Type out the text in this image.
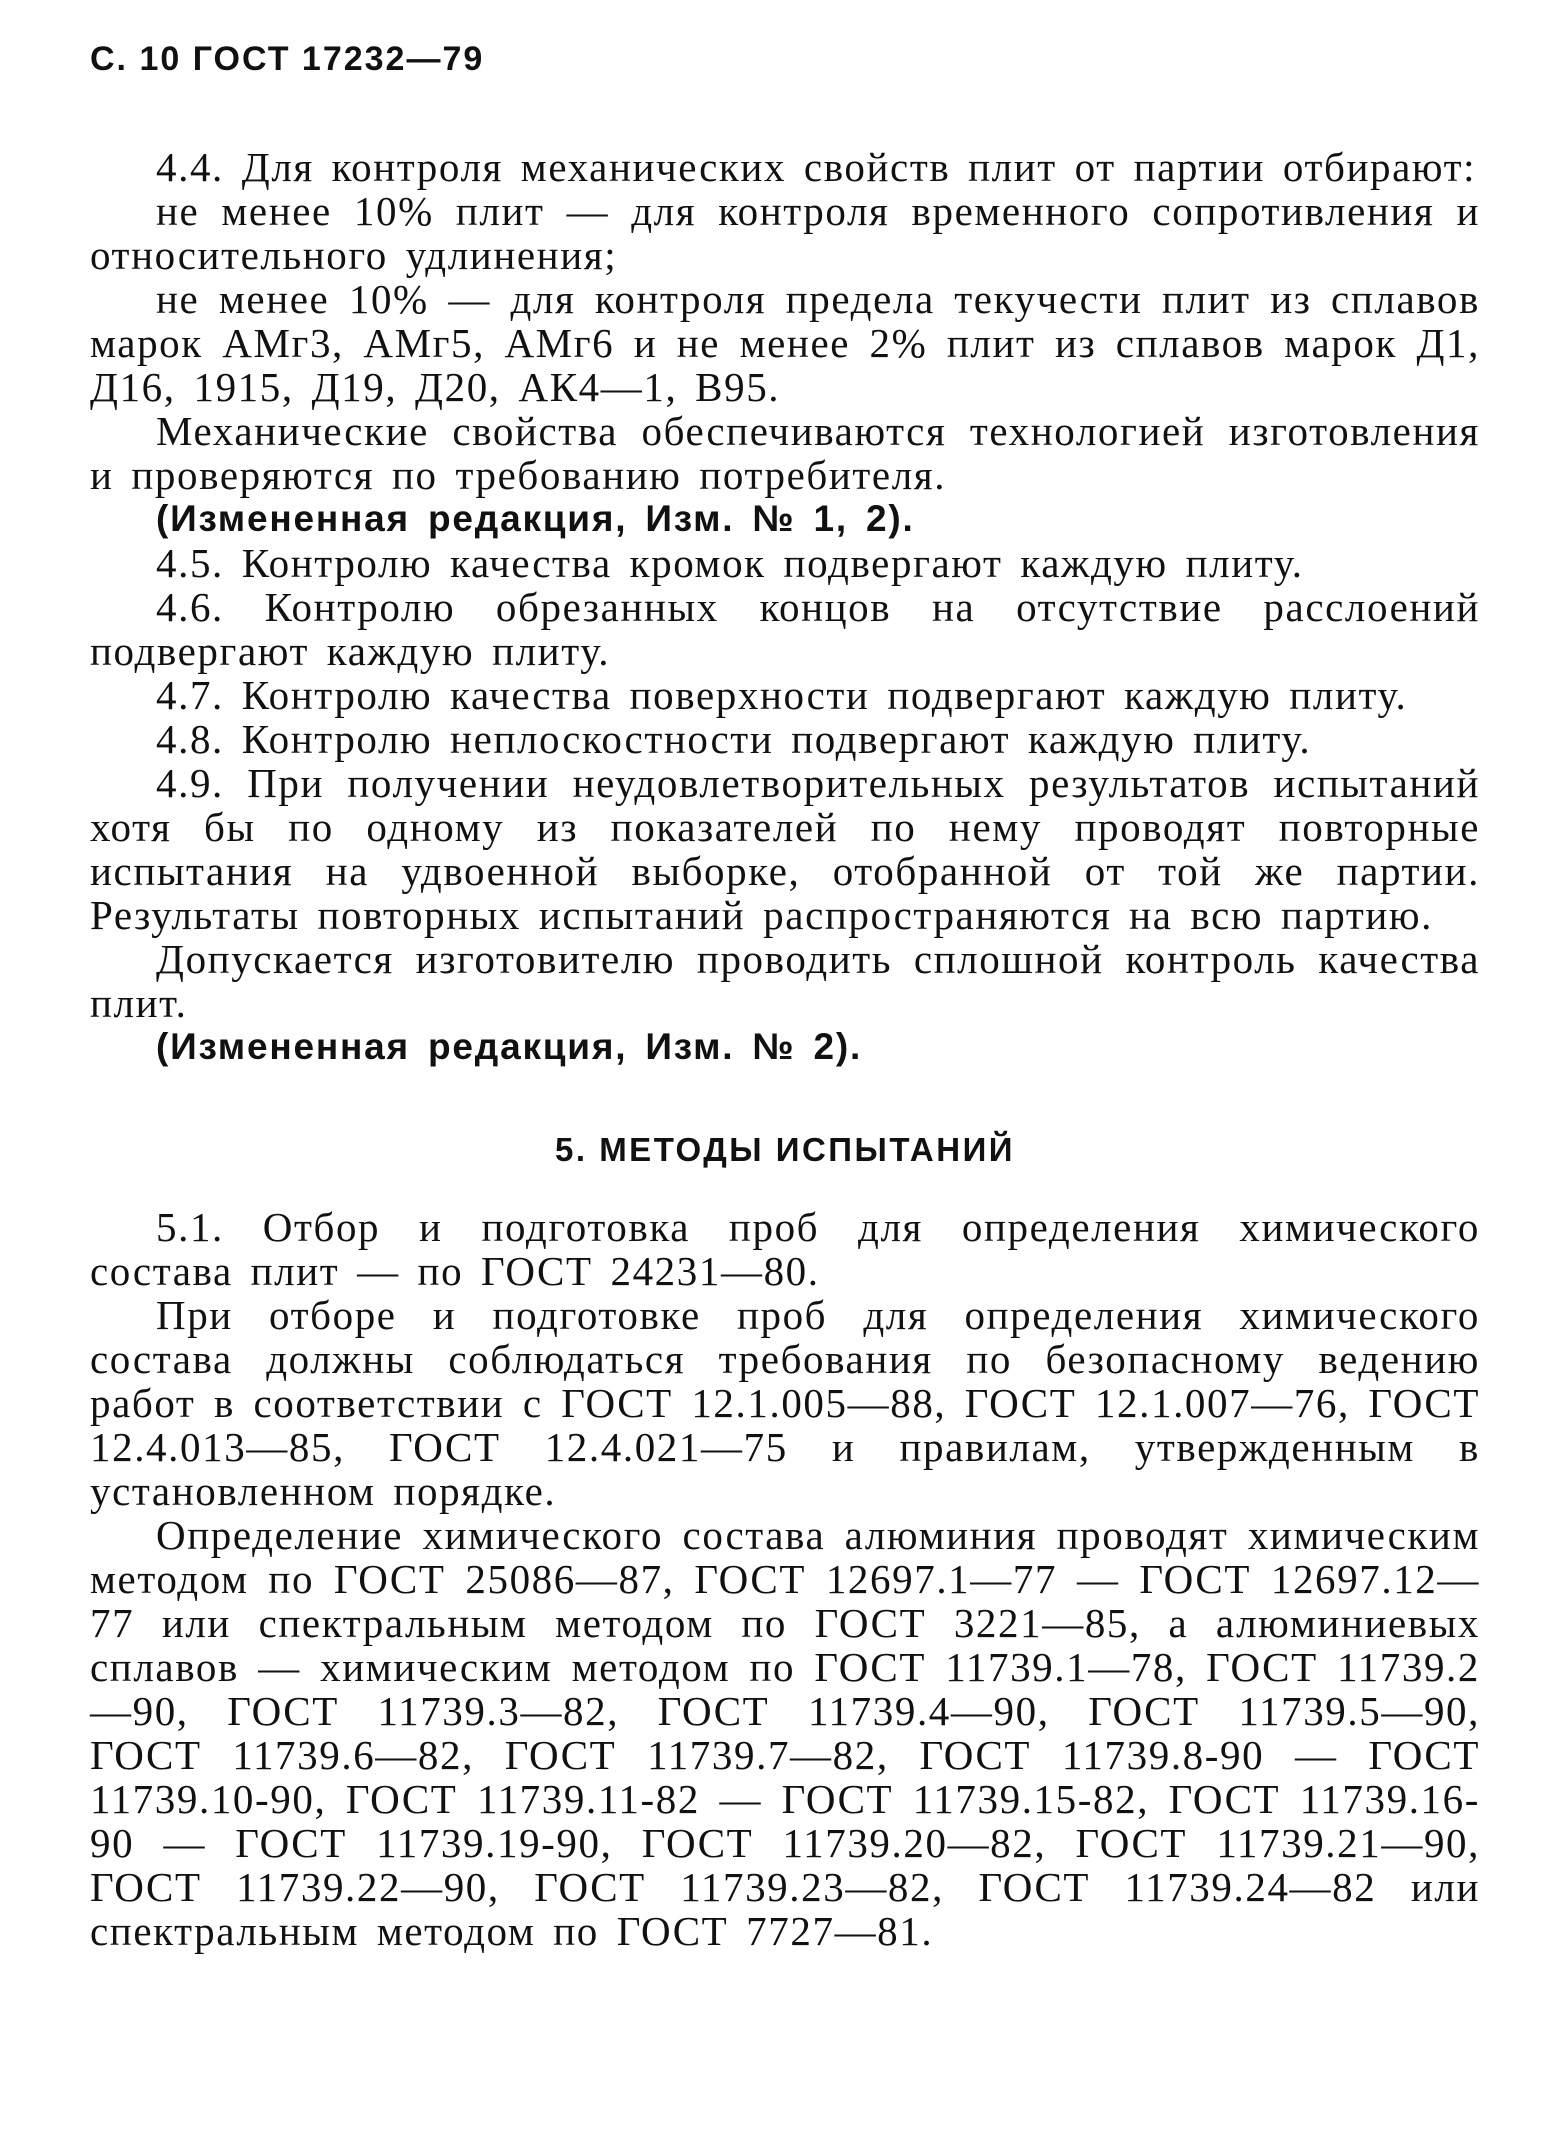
С. 10 ГОСТ 17232—79

4.4. Для контроля механических свойств плит от партии отбирают:

не менее 10% плит — для контроля временного сопротивления и относительного удлинения;

не менее 10% — для контроля предела текучести плит из сплавов марок АМг3, АМг5, АМг6 и не менее 2% плит из сплавов марок Д1, Д16, 1915, Д19, Д20, АК4—1, В95.

Механические свойства обеспечиваются технологией изготовления и проверяются по требованию потребителя.

(Измененная редакция, Изм. № 1, 2).

4.5. Контролю качества кромок подвергают каждую плиту.

4.6. Контролю обрезанных концов на отсутствие расслоений подвергают каждую плиту.

4.7. Контролю качества поверхности подвергают каждую плиту.

4.8. Контролю неплоскостности подвергают каждую плиту.

4.9. При получении неудовлетворительных результатов испытаний хотя бы по одному из показателей по нему проводят повторные испытания на удвоенной выборке, отобранной от той же партии. Результаты повторных испытаний распространяются на всю партию.

Допускается изготовителю проводить сплошной контроль качества плит.

(Измененная редакция, Изм. № 2).

5. МЕТОДЫ ИСПЫТАНИЙ

5.1. Отбор и подготовка проб для определения химического состава плит — по ГОСТ 24231—80.

При отборе и подготовке проб для определения химического состава должны соблюдаться требования по безопасному ведению работ в соответствии с ГОСТ 12.1.005—88, ГОСТ 12.1.007—76, ГОСТ 12.4.013—85, ГОСТ 12.4.021—75 и правилам, утвержденным в установленном порядке.

Определение химического состава алюминия проводят химическим методом по ГОСТ 25086—87, ГОСТ 12697.1—77 — ГОСТ 12697.12—77 или спектральным методом по ГОСТ 3221—85, а алюминиевых сплавов — химическим методом по ГОСТ 11739.1—78, ГОСТ 11739.2—90, ГОСТ 11739.3—82, ГОСТ 11739.4—90, ГОСТ 11739.5—90, ГОСТ 11739.6—82, ГОСТ 11739.7—82, ГОСТ 11739.8-90 — ГОСТ 11739.10-90, ГОСТ 11739.11-82 — ГОСТ 11739.15-82, ГОСТ 11739.16-90 — ГОСТ 11739.19-90, ГОСТ 11739.20—82, ГОСТ 11739.21—90, ГОСТ 11739.22—90, ГОСТ 11739.23—82, ГОСТ 11739.24—82 или спектральным методом по ГОСТ 7727—81.
